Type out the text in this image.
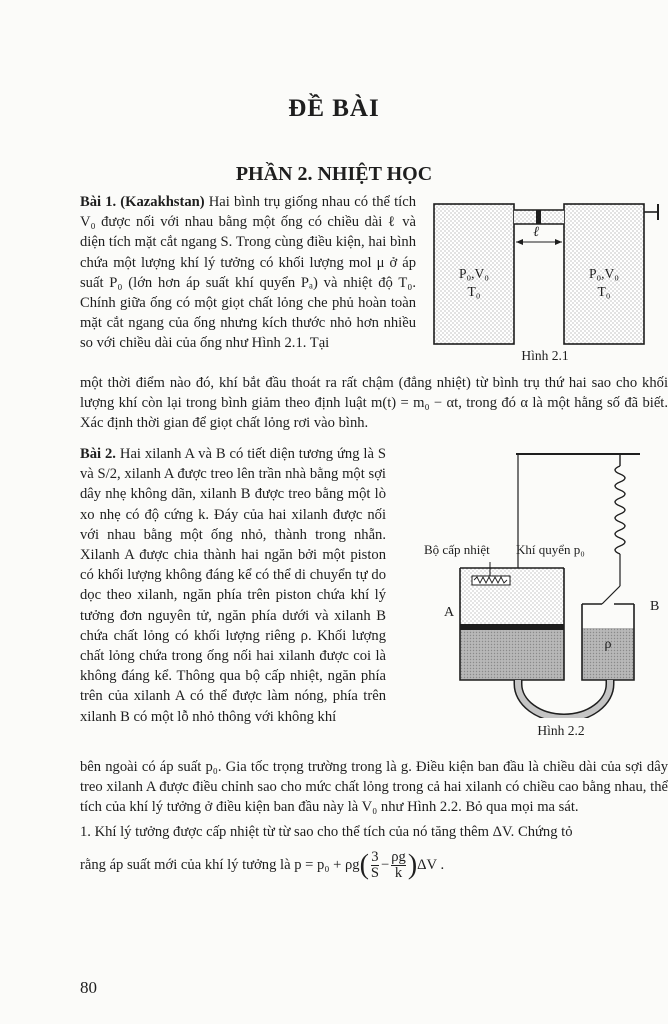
ĐỀ BÀI
PHẦN 2. NHIỆT HỌC

Bài 1. (Kazakhstan) Hai bình trụ giống nhau có thể tích V₀ được nối với nhau bằng một ống có chiều dài ℓ và diện tích mặt cắt ngang S. Trong cùng điều kiện, hai bình chứa một lượng khí lý tưởng có khối lượng mol μ ở áp suất P₀ (lớn hơn áp suất khí quyển Pₐ) và nhiệt độ T₀. Chính giữa ống có một giọt chất lỏng che phủ hoàn toàn mặt cắt ngang của ống nhưng kích thước nhỏ hơn nhiều so với chiều dài của ống như Hình 2.1. Tại

một thời điểm nào đó, khí bắt đầu thoát ra rất chậm (đẳng nhiệt) từ bình trụ thứ hai sao cho khối lượng khí còn lại trong bình giảm theo định luật m(t) = m₀ − αt, trong đó α là một hằng số đã biết. Xác định thời gian để giọt chất lỏng rơi vào bình.

ℓ
P₀,V₀
T₀
P₀,V₀
T₀
Hình 2.1

Bài 2. Hai xilanh A và B có tiết diện tương ứng là S và S/2, xilanh A được treo lên trần nhà bằng một sợi dây nhẹ không dãn, xilanh B được treo bằng một lò xo nhẹ có độ cứng k. Đáy của hai xilanh được nối với nhau bằng một ống nhỏ, thành trong nhẵn. Xilanh A được chia thành hai ngăn bởi một piston có khối lượng không đáng kể có thể di chuyển tự do dọc theo xilanh, ngăn phía trên piston chứa khí lý tưởng đơn nguyên tử, ngăn phía dưới và xilanh B chứa chất lỏng có khối lượng riêng ρ. Khối lượng chất lỏng chứa trong ống nối hai xilanh được coi là không đáng kể. Thông qua bộ cấp nhiệt, ngăn phía trên của xilanh A có thể được làm nóng, phía trên xilanh B có một lỗ nhỏ thông với không khí

bên ngoài có áp suất p₀. Gia tốc trọng trường trong là g. Điều kiện ban đầu là chiều dài của sợi dây treo xilanh A được điều chỉnh sao cho mức chất lỏng trong cả hai xilanh có chiều cao bằng nhau, thể tích của khí lý tưởng ở điều kiện ban đầu này là V₀ như Hình 2.2. Bỏ qua mọi ma sát.

1. Khí lý tưởng được cấp nhiệt từ từ sao cho thể tích của nó tăng thêm ΔV. Chứng tỏ

rằng áp suất mới của khí lý tưởng là $p = p_0 + \rho g( \frac{3}{S} - \frac{\rho g}{k} )\Delta V$ .
Bộ cấp nhiệt Khí quyển p₀
A	B
ρ
Hình 2.2
80
